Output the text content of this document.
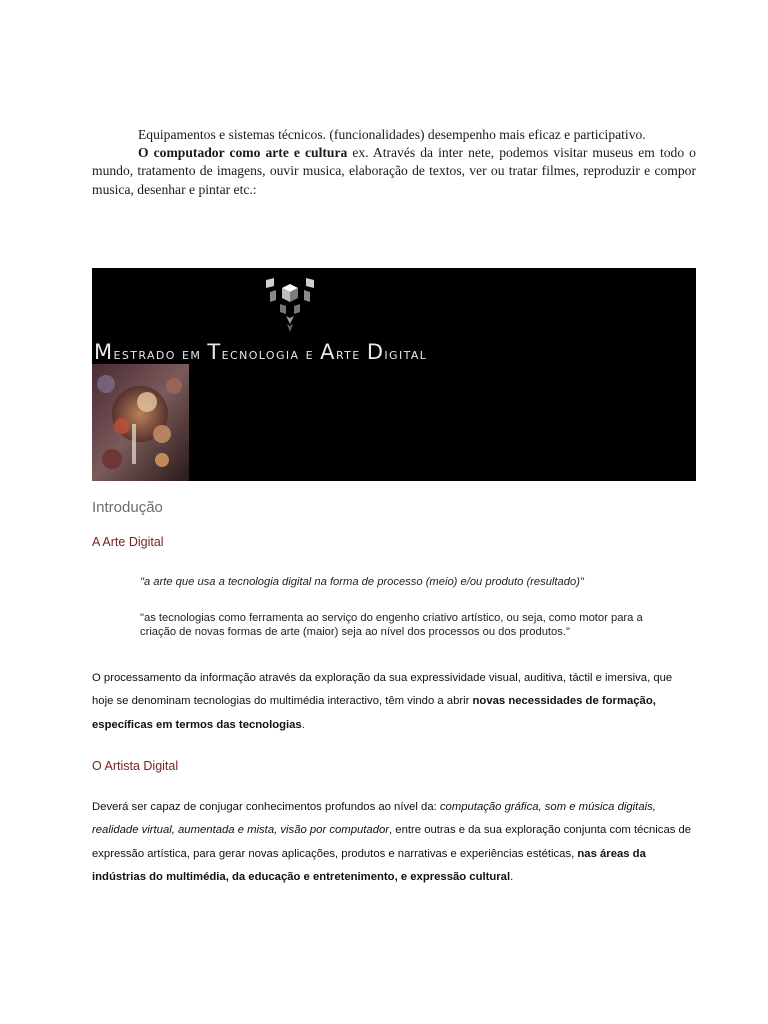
Equipamentos e sistemas técnicos. (funcionalidades) desempenho mais eficaz e participativo.

O computador como arte e cultura ex. Através da inter nete, podemos visitar museus em todo o mundo, tratamento de imagens, ouvir musica, elaboração de textos, ver ou tratar filmes, reproduzir e compor musica, desenhar e pintar etc.:

Mestrado em Tecnologia e Arte Digital
Introdução
A Arte Digital
"a arte que usa a tecnologia digital na forma de processo (meio) e/ou produto (resultado)"
"as tecnologias como ferramenta ao serviço do engenho criativo artístico, ou seja, como motor para a criação de novas formas de arte (maior) seja ao nível dos processos ou dos produtos."
O processamento da informação através da exploração da sua expressividade visual, auditiva, táctil e imersiva, que hoje se denominam tecnologias do multimédia interactivo, têm vindo a abrir novas necessidades de formação, específicas em termos das tecnologias.
O Artista Digital
Deverá ser capaz de conjugar conhecimentos profundos ao nível da: computação gráfica, som e música digitais, realidade virtual, aumentada e mista, visão por computador, entre outras e da sua exploração conjunta com técnicas de expressão artística, para gerar novas aplicações, produtos e narrativas e experiências estéticas, nas áreas da indústrias do multimédia, da educação e entretenimento, e expressão cultural.
